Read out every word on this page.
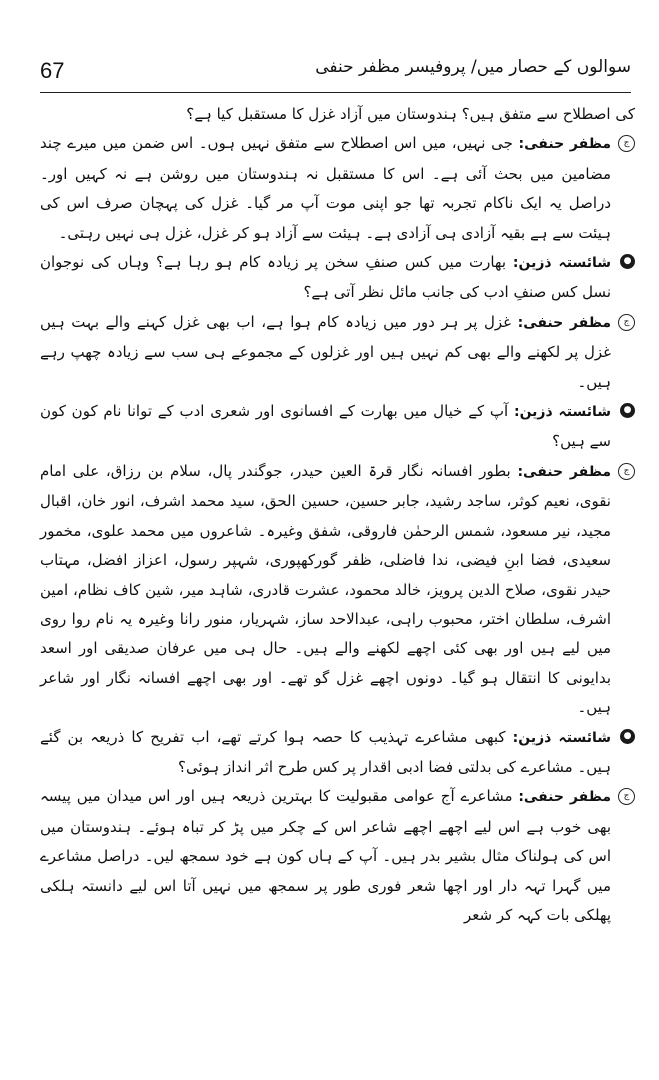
67	سوالوں کے حصار میں/ پروفیسر مظفر حنفی

کی اصطلاح سے متفق ہیں؟ ہندوستان میں آزاد غزل کا مستقبل کیا ہے؟

ج
مظفر حنفی: جی نہیں، میں اس اصطلاح سے متفق نہیں ہوں۔ اس ضمن میں میرے چند مضامین میں بحث آئی ہے۔ اس کا مستقبل نہ ہندوستان میں روشن ہے نہ کہیں اور۔ دراصل یہ ایک ناکام تجربہ تھا جو اپنی موت آپ مر گیا۔ غزل کی پہچان صرف اس کی ہیئت سے ہے بقیہ آزادی ہی آزادی ہے۔ ہیئت سے آزاد ہو کر غزل، غزل ہی نہیں رہتی۔

●
شائستہ ذزین: بھارت میں کس صنفِ سخن پر زیادہ کام ہو رہا ہے؟ وہاں کی نوجوان نسل کس صنفِ ادب کی جانب مائل نظر آتی ہے؟

ج
مظفر حنفی: غزل پر ہر دور میں زیادہ کام ہوا ہے، اب بھی غزل کہنے والے بہت ہیں غزل پر لکھنے والے بھی کم نہیں ہیں اور غزلوں کے مجموعے ہی سب سے زیادہ چھپ رہے ہیں۔

●
شائستہ ذزین: آپ کے خیال میں بھارت کے افسانوی اور شعری ادب کے توانا نام کون کون سے ہیں؟

ج
مظفر حنفی: بطور افسانہ نگار قرۃ العین حیدر، جوگندر پال، سلام بن رزاق، علی امام نقوی، نعیم کوثر، ساجد رشید، جابر حسین، حسین الحق، سید محمد اشرف، انور خان، اقبال مجید، نیر مسعود، شمس الرحمٰن فاروقی، شفق وغیرہ۔ شاعروں میں محمد علوی، مخمور سعیدی، فضا ابنِ فیضی، ندا فاضلی، ظفر گورکھپوری، شہپر رسول، اعزاز افضل، مہتاب حیدر نقوی، صلاح الدین پرویز، خالد محمود، عشرت قادری، شاہد میر، شین کاف نظام، امین اشرف، سلطان اختر، محبوب راہی، عبدالاحد ساز، شہریار، منور رانا وغیرہ یہ نام روا روی میں لیے ہیں اور بھی کئی اچھے لکھنے والے ہیں۔ حال ہی میں عرفان صدیقی اور اسعد بدایونی کا انتقال ہو گیا۔ دونوں اچھے غزل گو تھے۔ اور بھی اچھے افسانہ نگار اور شاعر ہیں۔

●
شائستہ ذزین: کبھی مشاعرے تہذیب کا حصہ ہوا کرتے تھے، اب تفریح کا ذریعہ بن گئے ہیں۔ مشاعرے کی بدلتی فضا ادبی اقدار پر کس طرح اثر انداز ہوئی؟

ج
مظفر حنفی: مشاعرے آج عوامی مقبولیت کا بہترین ذریعہ ہیں اور اس میدان میں پیسہ بھی خوب ہے اس لیے اچھے اچھے شاعر اس کے چکر میں پڑ کر تباہ ہوئے۔ ہندوستان میں اس کی ہولناک مثال بشیر بدر ہیں۔ آپ کے ہاں کون ہے خود سمجھ لیں۔ دراصل مشاعرے میں گہرا تہہ دار اور اچھا شعر فوری طور پر سمجھ میں نہیں آتا اس لیے دانستہ ہلکی پھلکی بات کہہ کر شعر
